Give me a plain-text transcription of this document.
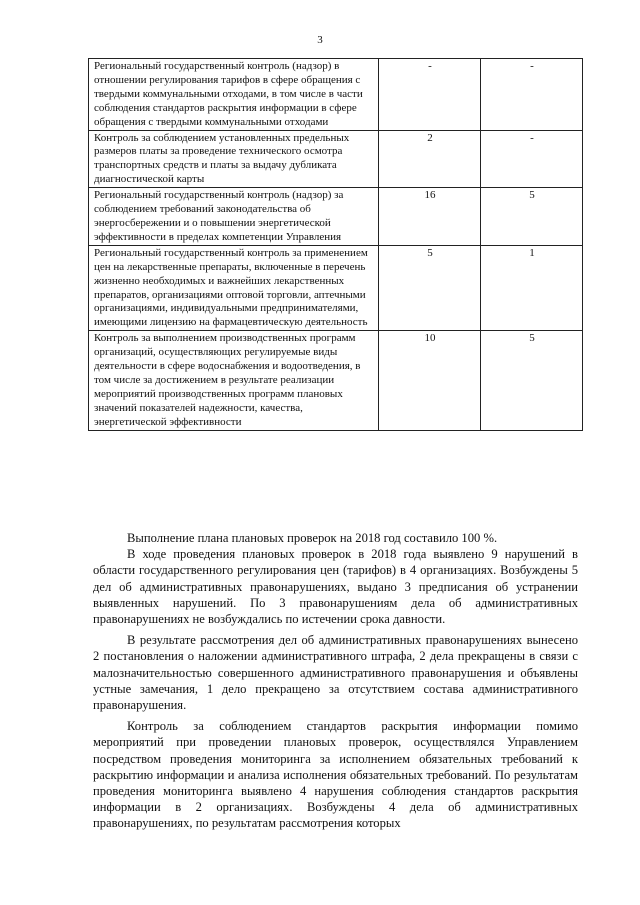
3
Региональный государственный контроль (надзор) в отношении регулирования тарифов в сфере обращения с твердыми коммунальными отходами, в том числе в части соблюдения стандартов раскрытия информации в сфере обращения с твердыми коммунальными отходами	-	-
Контроль за соблюдением установленных предельных размеров платы за проведение технического осмотра транспортных средств и платы за выдачу дубликата диагностической карты	2	-
Региональный государственный контроль (надзор) за соблюдением требований законодательства об энергосбережении и о повышении энергетической эффективности в пределах компетенции Управления	16	5
Региональный государственный контроль за применением цен на лекарственные препараты, включенные в перечень жизненно необходимых и важнейших лекарственных препаратов, организациями оптовой торговли, аптечными организациями, индивидуальными предпринимателями, имеющими лицензию на фармацевтическую деятельность	5	1
Контроль за выполнением производственных программ организаций, осуществляющих регулируемые виды деятельности в сфере водоснабжения и водоотведения, в том числе за достижением в результате реализации мероприятий производственных программ плановых значений показателей надежности, качества, энергетической эффективности	10	5

Выполнение плана плановых проверок на 2018 год составило 100 %.

В ходе проведения плановых проверок в 2018 года выявлено 9 нарушений в области государственного регулирования цен (тарифов) в 4 организациях. Возбуждены 5 дел об административных правонарушениях, выдано 3 предписания об устранении выявленных нарушений. По 3 правонарушениям дела об административных правонарушениях не возбуждались по истечении срока давности.

В результате рассмотрения дел об административных правонарушениях вынесено 2 постановления о наложении административного штрафа, 2 дела прекращены в связи с малозначительностью совершенного административного правонарушения и объявлены устные замечания, 1 дело прекращено за отсутствием состава административного правонарушения.

Контроль за соблюдением стандартов раскрытия информации помимо мероприятий при проведении плановых проверок, осуществлялся Управлением посредством проведения мониторинга за исполнением обязательных требований к раскрытию информации и анализа исполнения обязательных требований. По результатам проведения мониторинга выявлено 4 нарушения соблюдения стандартов раскрытия информации в 2 организациях. Возбуждены 4 дела об административных правонарушениях, по результатам рассмотрения которых
